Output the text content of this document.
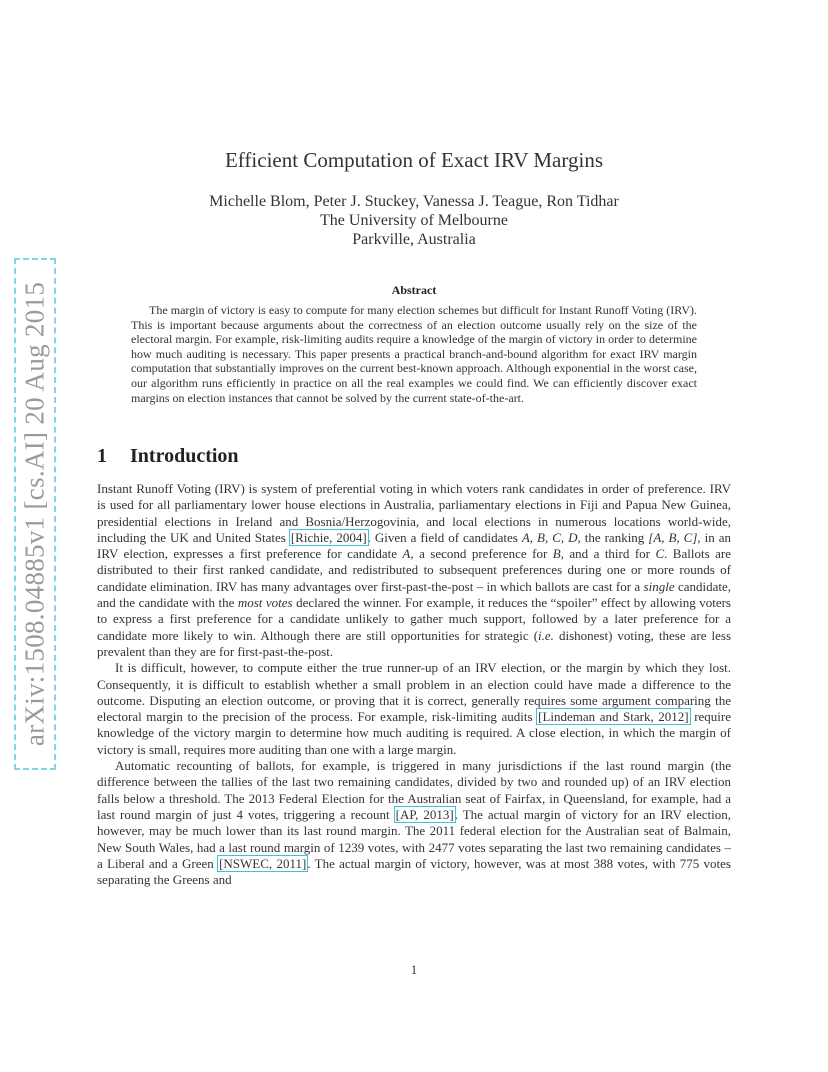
arXiv:1508.04885v1 [cs.AI] 20 Aug 2015
Efficient Computation of Exact IRV Margins
Michelle Blom, Peter J. Stuckey, Vanessa J. Teague, Ron Tidhar
The University of Melbourne
Parkville, Australia
Abstract
The margin of victory is easy to compute for many election schemes but difficult for Instant Runoff Voting (IRV). This is important because arguments about the correctness of an election outcome usually rely on the size of the electoral margin. For example, risk-limiting audits require a knowledge of the margin of victory in order to determine how much auditing is necessary. This paper presents a practical branch-and-bound algorithm for exact IRV margin computation that substantially improves on the current best-known approach. Although exponential in the worst case, our algorithm runs efficiently in practice on all the real examples we could find. We can efficiently discover exact margins on election instances that cannot be solved by the current state-of-the-art.
1 Introduction

Instant Runoff Voting (IRV) is system of preferential voting in which voters rank candidates in order of preference. IRV is used for all parliamentary lower house elections in Australia, parliamentary elections in Fiji and Papua New Guinea, presidential elections in Ireland and Bosnia/Herzogovinia, and local elections in numerous locations world-wide, including the UK and United States [Richie, 2004]. Given a field of candidates A, B, C, D, the ranking [A, B, C], in an IRV election, expresses a first preference for candidate A, a second preference for B, and a third for C. Ballots are distributed to their first ranked candidate, and redistributed to subsequent preferences during one or more rounds of candidate elimination. IRV has many advantages over first-past-the-post – in which ballots are cast for a single candidate, and the candidate with the most votes declared the winner. For example, it reduces the “spoiler” effect by allowing voters to express a first preference for a candidate unlikely to gather much support, followed by a later preference for a candidate more likely to win. Although there are still opportunities for strategic (i.e. dishonest) voting, these are less prevalent than they are for first-past-the-post.

It is difficult, however, to compute either the true runner-up of an IRV election, or the margin by which they lost. Consequently, it is difficult to establish whether a small problem in an election could have made a difference to the outcome. Disputing an election outcome, or proving that it is correct, generally requires some argument comparing the electoral margin to the precision of the process. For example, risk-limiting audits [Lindeman and Stark, 2012] require knowledge of the victory margin to determine how much auditing is required. A close election, in which the margin of victory is small, requires more auditing than one with a large margin.

Automatic recounting of ballots, for example, is triggered in many jurisdictions if the last round margin (the difference between the tallies of the last two remaining candidates, divided by two and rounded up) of an IRV election falls below a threshold. The 2013 Federal Election for the Australian seat of Fairfax, in Queensland, for example, had a last round margin of just 4 votes, triggering a recount [AP, 2013]. The actual margin of victory for an IRV election, however, may be much lower than its last round margin. The 2011 federal election for the Australian seat of Balmain, New South Wales, had a last round margin of 1239 votes, with 2477 votes separating the last two remaining candidates – a Liberal and a Green [NSWEC, 2011]. The actual margin of victory, however, was at most 388 votes, with 775 votes separating the Greens and

1
